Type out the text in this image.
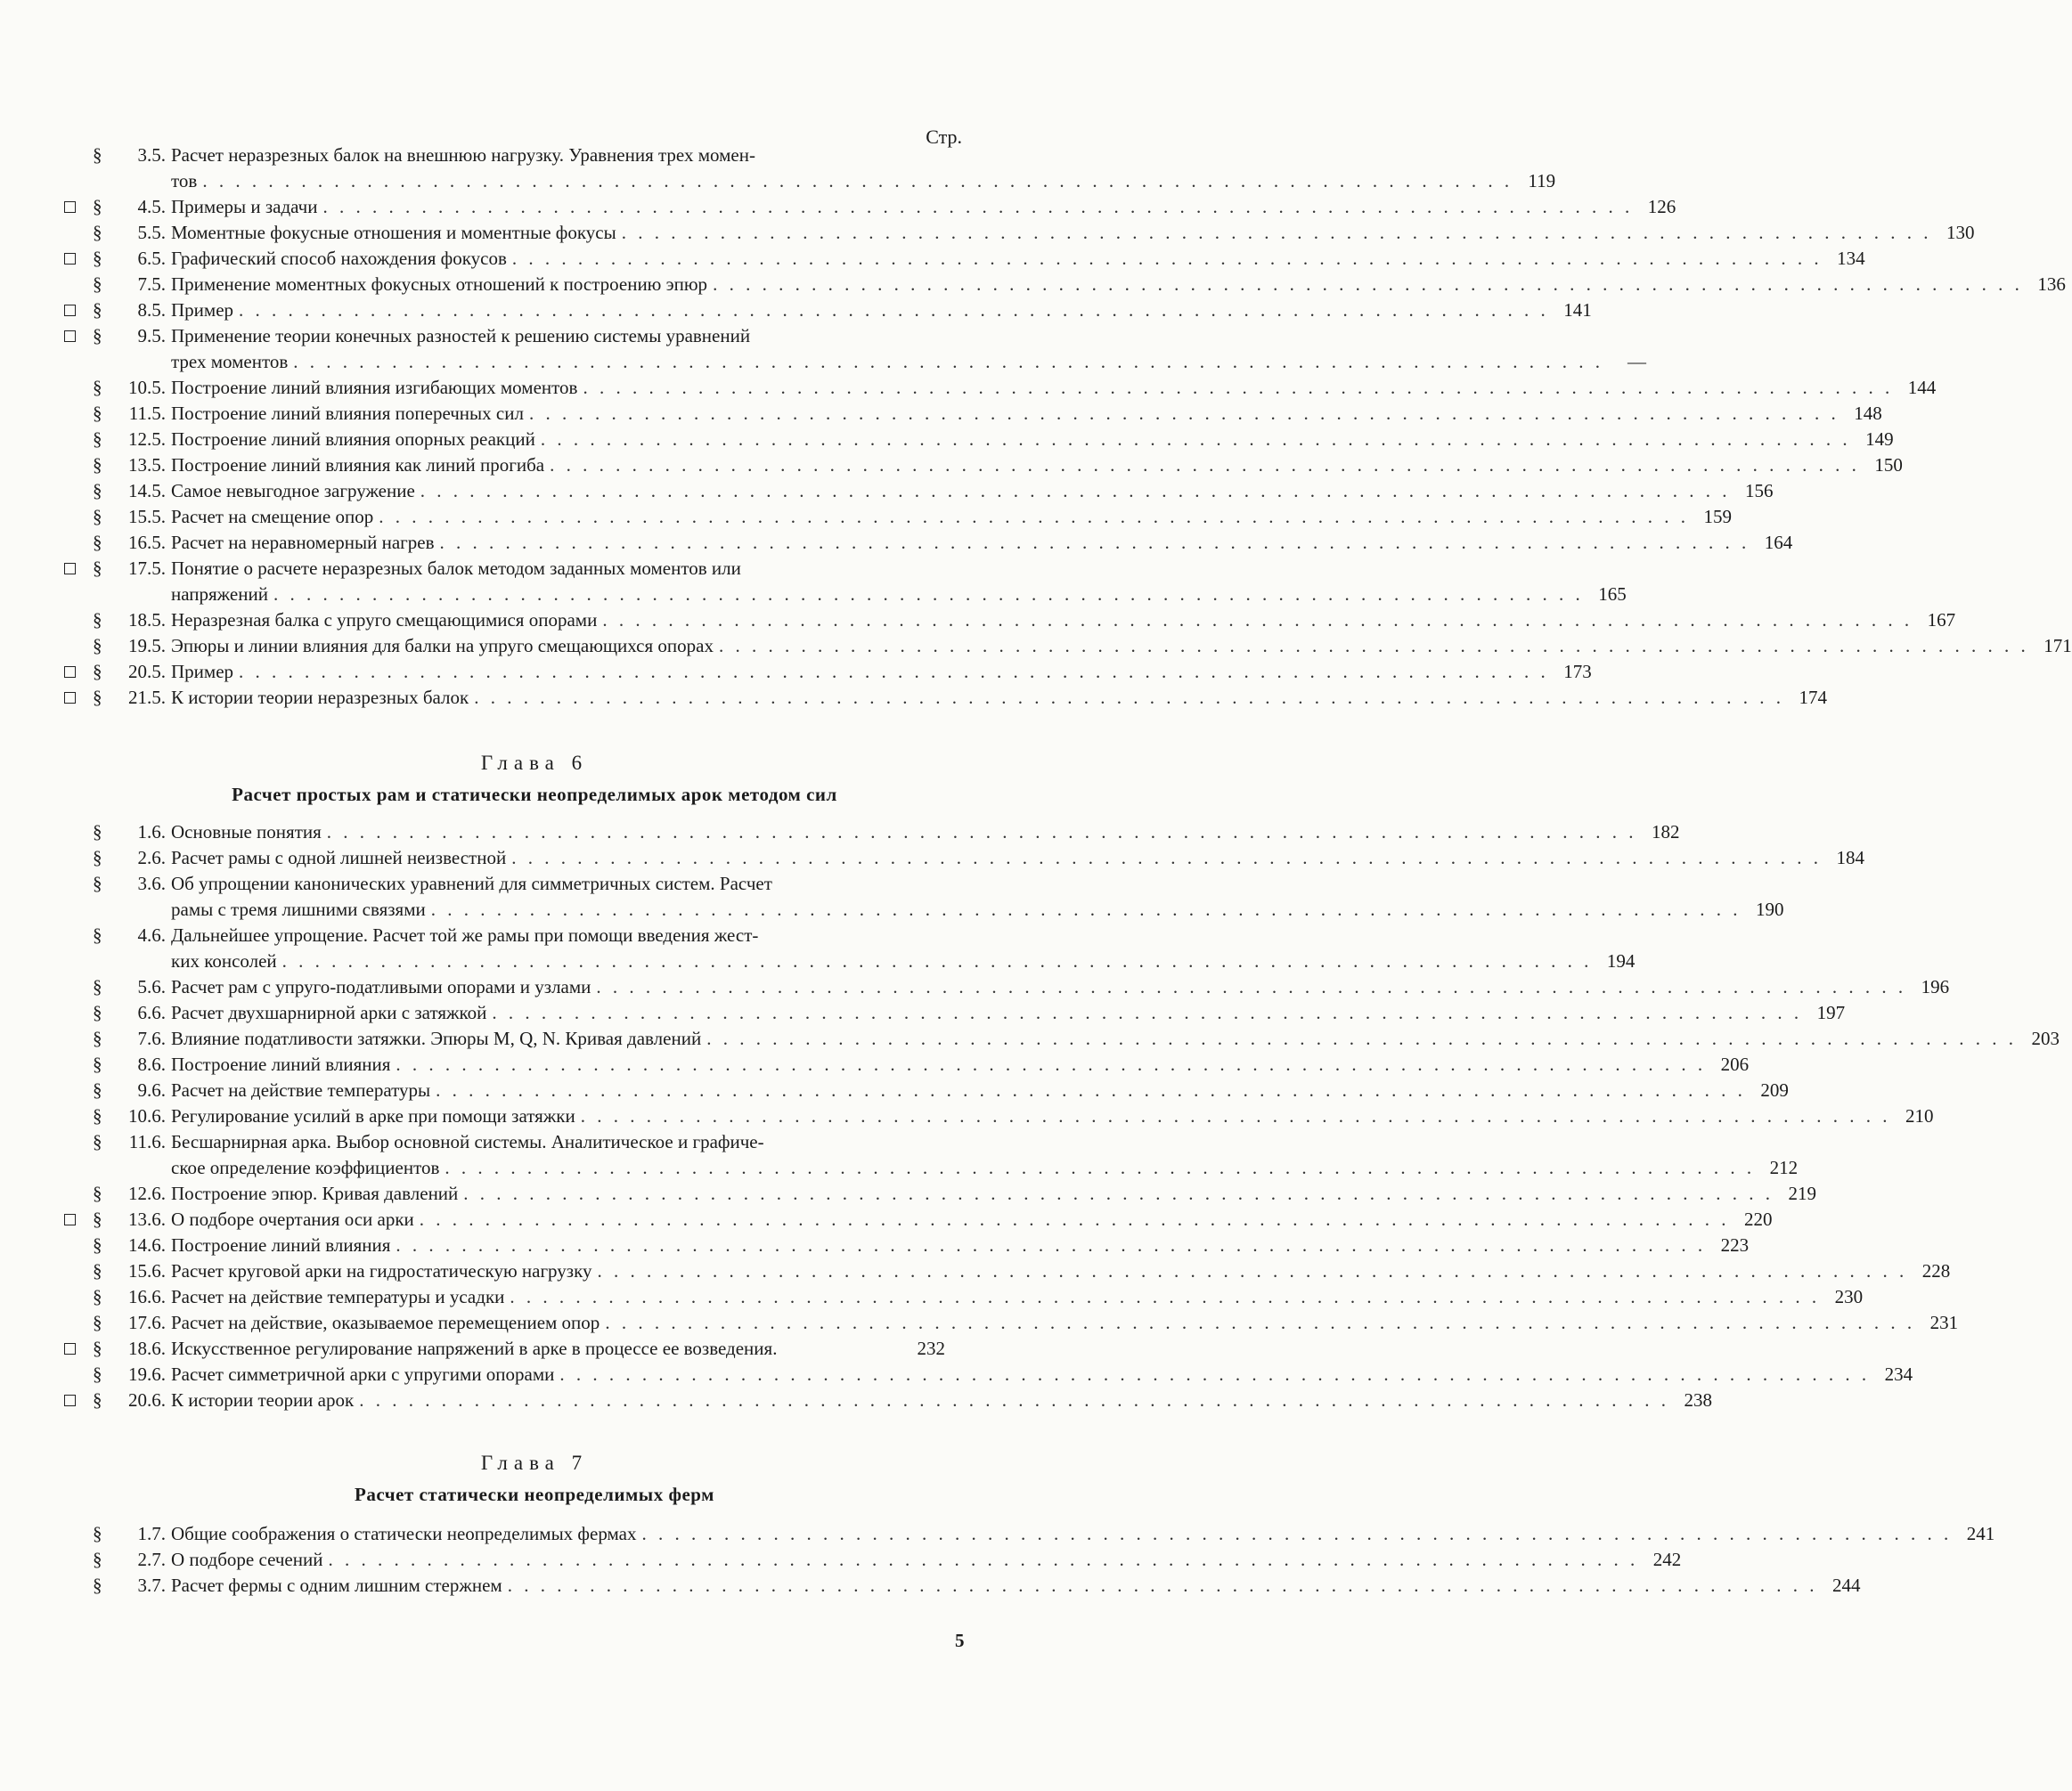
Стр.
§	3.5. Расчет неразрезных балок на внешнюю нагрузку. Уравнения трех момен-
тов . . . . . . . . . . . . . . . . . . . . . . . . . . . . . . . . . . . . . . . . . . . . . . . . . . . . . . . . . . . . . . . . . . . . . . . . . . . . . . . . 119
§	4.5. Примеры и задачи . . . . . . . . . . . . . . . . . . . . . . . . . . . . . . . . . . . . . . . . . . . . . . . . . . . . . . . . . . . . . . . . . . . . . . . . . . . . . . . . 126
§	5.5. Моментные фокусные отношения и моментные фокусы . . . . . . . . . . . . . . . . . . . . . . . . . . . . . . . . . . . . . . . . . . . . . . . . . . . . . . . . . . . . . . . . . . . . . . . . . . . . . . . . 130
§	6.5. Графический способ нахождения фокусов . . . . . . . . . . . . . . . . . . . . . . . . . . . . . . . . . . . . . . . . . . . . . . . . . . . . . . . . . . . . . . . . . . . . . . . . . . . . . . . . 134
§	7.5. Применение моментных фокусных отношений к построению эпюр . . . . . . . . . . . . . . . . . . . . . . . . . . . . . . . . . . . . . . . . . . . . . . . . . . . . . . . . . . . . . . . . . . . . . . . . . . . . . . . . 136
§	8.5. Пример . . . . . . . . . . . . . . . . . . . . . . . . . . . . . . . . . . . . . . . . . . . . . . . . . . . . . . . . . . . . . . . . . . . . . . . . . . . . . . . . 141
§	9.5. Применение теории конечных разностей к решению системы уравнений
трех моментов . . . . . . . . . . . . . . . . . . . . . . . . . . . . . . . . . . . . . . . . . . . . . . . . . . . . . . . . . . . . . . . . . . . . . . . . . . . . . . . .	—
§	10.5. Построение линий влияния изгибающих моментов . . . . . . . . . . . . . . . . . . . . . . . . . . . . . . . . . . . . . . . . . . . . . . . . . . . . . . . . . . . . . . . . . . . . . . . . . . . . . . . . 144
§	11.5. Построение линий влияния поперечных сил . . . . . . . . . . . . . . . . . . . . . . . . . . . . . . . . . . . . . . . . . . . . . . . . . . . . . . . . . . . . . . . . . . . . . . . . . . . . . . . . 148
§	12.5. Построение линий влияния опорных реакций . . . . . . . . . . . . . . . . . . . . . . . . . . . . . . . . . . . . . . . . . . . . . . . . . . . . . . . . . . . . . . . . . . . . . . . . . . . . . . . . 149
§	13.5. Построение линий влияния как линий прогиба . . . . . . . . . . . . . . . . . . . . . . . . . . . . . . . . . . . . . . . . . . . . . . . . . . . . . . . . . . . . . . . . . . . . . . . . . . . . . . . . 150
§	14.5. Самое невыгодное загружение . . . . . . . . . . . . . . . . . . . . . . . . . . . . . . . . . . . . . . . . . . . . . . . . . . . . . . . . . . . . . . . . . . . . . . . . . . . . . . . . 156
§	15.5. Расчет на смещение опор . . . . . . . . . . . . . . . . . . . . . . . . . . . . . . . . . . . . . . . . . . . . . . . . . . . . . . . . . . . . . . . . . . . . . . . . . . . . . . . . 159
§	16.5. Расчет на неравномерный нагрев . . . . . . . . . . . . . . . . . . . . . . . . . . . . . . . . . . . . . . . . . . . . . . . . . . . . . . . . . . . . . . . . . . . . . . . . . . . . . . . . 164
§	17.5. Понятие о расчете неразрезных балок методом заданных моментов или
напряжений . . . . . . . . . . . . . . . . . . . . . . . . . . . . . . . . . . . . . . . . . . . . . . . . . . . . . . . . . . . . . . . . . . . . . . . . . . . . . . . . 165
§	18.5. Неразрезная балка с упруго смещающимися опорами . . . . . . . . . . . . . . . . . . . . . . . . . . . . . . . . . . . . . . . . . . . . . . . . . . . . . . . . . . . . . . . . . . . . . . . . . . . . . . . . 167
§	19.5. Эпюры и линии влияния для балки на упруго смещающихся опорах . . . . . . . . . . . . . . . . . . . . . . . . . . . . . . . . . . . . . . . . . . . . . . . . . . . . . . . . . . . . . . . . . . . . . . . . . . . . . . . . 171
§	20.5. Пример . . . . . . . . . . . . . . . . . . . . . . . . . . . . . . . . . . . . . . . . . . . . . . . . . . . . . . . . . . . . . . . . . . . . . . . . . . . . . . . . 173
§	21.5. К истории теории неразрезных балок . . . . . . . . . . . . . . . . . . . . . . . . . . . . . . . . . . . . . . . . . . . . . . . . . . . . . . . . . . . . . . . . . . . . . . . . . . . . . . . . 174
Глава 6
Расчет простых рам и статически неопределимых арок методом сил
§	1.6. Основные понятия . . . . . . . . . . . . . . . . . . . . . . . . . . . . . . . . . . . . . . . . . . . . . . . . . . . . . . . . . . . . . . . . . . . . . . . . . . . . . . . . 182
§	2.6. Расчет рамы с одной лишней неизвестной . . . . . . . . . . . . . . . . . . . . . . . . . . . . . . . . . . . . . . . . . . . . . . . . . . . . . . . . . . . . . . . . . . . . . . . . . . . . . . . . 184
§	3.6. Об упрощении канонических уравнений для симметричных систем. Расчет
рамы с тремя лишними связями . . . . . . . . . . . . . . . . . . . . . . . . . . . . . . . . . . . . . . . . . . . . . . . . . . . . . . . . . . . . . . . . . . . . . . . . . . . . . . . . 190
§	4.6. Дальнейшее упрощение. Расчет той же рамы при помощи введения жест-
ких консолей . . . . . . . . . . . . . . . . . . . . . . . . . . . . . . . . . . . . . . . . . . . . . . . . . . . . . . . . . . . . . . . . . . . . . . . . . . . . . . . . 194
§	5.6. Расчет рам с упруго-податливыми опорами и узлами . . . . . . . . . . . . . . . . . . . . . . . . . . . . . . . . . . . . . . . . . . . . . . . . . . . . . . . . . . . . . . . . . . . . . . . . . . . . . . . . 196
§	6.6. Расчет двухшарнирной арки с затяжкой . . . . . . . . . . . . . . . . . . . . . . . . . . . . . . . . . . . . . . . . . . . . . . . . . . . . . . . . . . . . . . . . . . . . . . . . . . . . . . . . 197
§	7.6. Влияние податливости затяжки. Эпюры M, Q, N. Кривая давлений . . . . . . . . . . . . . . . . . . . . . . . . . . . . . . . . . . . . . . . . . . . . . . . . . . . . . . . . . . . . . . . . . . . . . . . . . . . . . . . . 203
§	8.6. Построение линий влияния . . . . . . . . . . . . . . . . . . . . . . . . . . . . . . . . . . . . . . . . . . . . . . . . . . . . . . . . . . . . . . . . . . . . . . . . . . . . . . . . 206
§	9.6. Расчет на действие температуры . . . . . . . . . . . . . . . . . . . . . . . . . . . . . . . . . . . . . . . . . . . . . . . . . . . . . . . . . . . . . . . . . . . . . . . . . . . . . . . . 209
§	10.6. Регулирование усилий в арке при помощи затяжки . . . . . . . . . . . . . . . . . . . . . . . . . . . . . . . . . . . . . . . . . . . . . . . . . . . . . . . . . . . . . . . . . . . . . . . . . . . . . . . . 210
§	11.6. Бесшарнирная арка. Выбор основной системы. Аналитическое и графиче-
ское определение коэффициентов . . . . . . . . . . . . . . . . . . . . . . . . . . . . . . . . . . . . . . . . . . . . . . . . . . . . . . . . . . . . . . . . . . . . . . . . . . . . . . . . 212
§	12.6. Построение эпюр. Кривая давлений . . . . . . . . . . . . . . . . . . . . . . . . . . . . . . . . . . . . . . . . . . . . . . . . . . . . . . . . . . . . . . . . . . . . . . . . . . . . . . . . 219
§	13.6. О подборе очертания оси арки . . . . . . . . . . . . . . . . . . . . . . . . . . . . . . . . . . . . . . . . . . . . . . . . . . . . . . . . . . . . . . . . . . . . . . . . . . . . . . . . 220
§	14.6. Построение линий влияния . . . . . . . . . . . . . . . . . . . . . . . . . . . . . . . . . . . . . . . . . . . . . . . . . . . . . . . . . . . . . . . . . . . . . . . . . . . . . . . . 223
§	15.6. Расчет круговой арки на гидростатическую нагрузку . . . . . . . . . . . . . . . . . . . . . . . . . . . . . . . . . . . . . . . . . . . . . . . . . . . . . . . . . . . . . . . . . . . . . . . . . . . . . . . . 228
§	16.6. Расчет на действие температуры и усадки . . . . . . . . . . . . . . . . . . . . . . . . . . . . . . . . . . . . . . . . . . . . . . . . . . . . . . . . . . . . . . . . . . . . . . . . . . . . . . . . 230
§	17.6. Расчет на действие, оказываемое перемещением опор . . . . . . . . . . . . . . . . . . . . . . . . . . . . . . . . . . . . . . . . . . . . . . . . . . . . . . . . . . . . . . . . . . . . . . . . . . . . . . . . 231
§	18.6. Искусственное регулирование напряжений в арке в процессе ее возведения.	232
§	19.6. Расчет симметричной арки с упругими опорами . . . . . . . . . . . . . . . . . . . . . . . . . . . . . . . . . . . . . . . . . . . . . . . . . . . . . . . . . . . . . . . . . . . . . . . . . . . . . . . . 234
§	20.6. К истории теории арок . . . . . . . . . . . . . . . . . . . . . . . . . . . . . . . . . . . . . . . . . . . . . . . . . . . . . . . . . . . . . . . . . . . . . . . . . . . . . . . . 238
Глава 7
Расчет статически неопределимых ферм
§	1.7. Общие соображения о статически неопределимых фермах . . . . . . . . . . . . . . . . . . . . . . . . . . . . . . . . . . . . . . . . . . . . . . . . . . . . . . . . . . . . . . . . . . . . . . . . . . . . . . . . 241
§	2.7. О подборе сечений . . . . . . . . . . . . . . . . . . . . . . . . . . . . . . . . . . . . . . . . . . . . . . . . . . . . . . . . . . . . . . . . . . . . . . . . . . . . . . . . 242
§	3.7. Расчет фермы с одним лишним стержнем . . . . . . . . . . . . . . . . . . . . . . . . . . . . . . . . . . . . . . . . . . . . . . . . . . . . . . . . . . . . . . . . . . . . . . . . . . . . . . . . 244
5
